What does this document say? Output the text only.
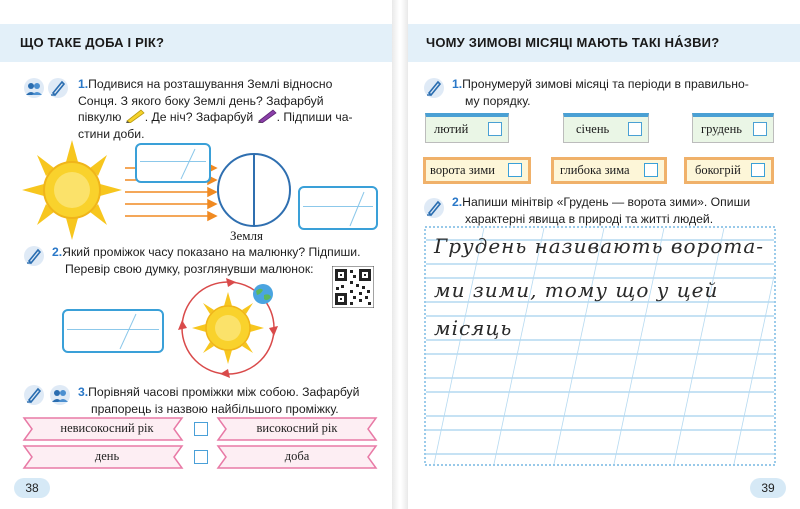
ЩО ТАКЕ ДОБА І РІК?	ЧОМУ ЗИМОВІ МІСЯЦІ МАЮТЬ ТАКІ НА́ЗВИ?
1.Подивися на розташування Землі відносно
Сонця. З якого боку Землі день? Зафарбуй
півкулю . Де ніч? Зафарбуй . Підпиши ча-
стини доби.
Земля
2.Який проміжок часу показано на малюнку? Підпиши.
Перевір свою думку, розглянувши малюнок:
3.Порівняй часові проміжки між собою. Зафарбуй
прапорець із назвою найбільшого проміжку.
невисокосний рік
день
високосний рік
доба
38
1.Пронумеруй зимові місяці та періоди в правильно-
му порядку.
лютий	січень	грудень
ворота зими	глибока зима	бокогрій
2.Напиши мінітвір «Грудень — ворота зими». Опиши
характерні явища в природі та житті людей.
Грудень називають ворота-
ми зими, тому що у цей
місяць
39
